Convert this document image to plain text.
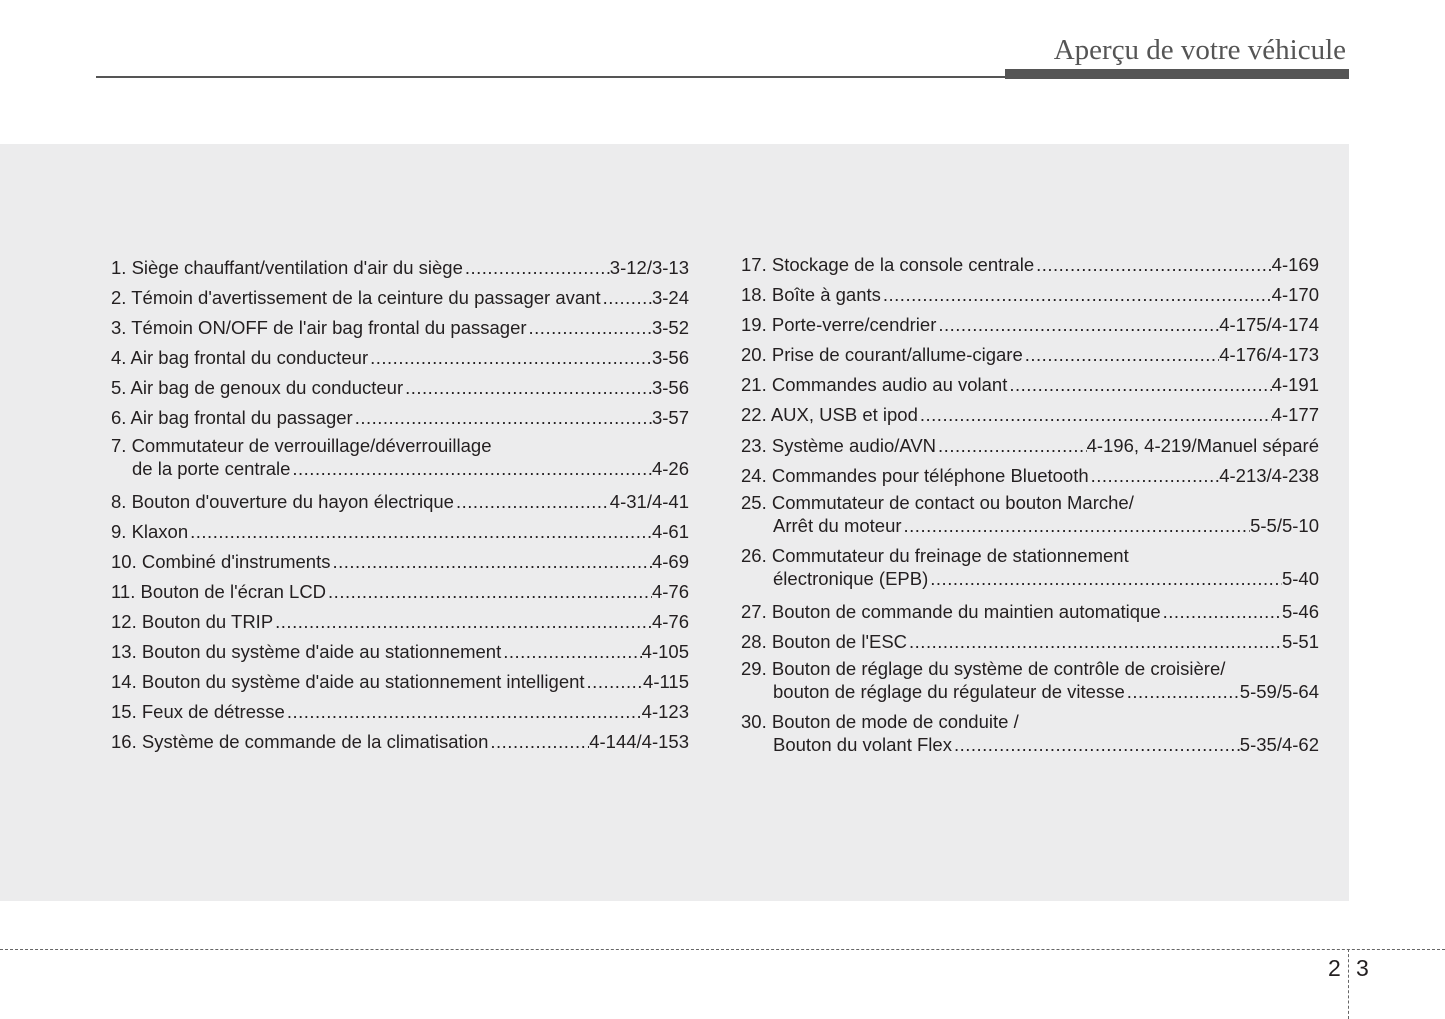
Aperçu de votre véhicule
1. Siège chauffant/ventilation d'air du siège .....	3-12/3-13
2. Témoin d'avertissement de la ceinture du passager avant .....	3-24
3. Témoin ON/OFF de l'air bag frontal du passager .....	3-52
4. Air bag frontal du conducteur .....	3-56
5. Air bag de genoux du conducteur .....	3-56
6. Air bag frontal du passager .....	3-57
7. Commutateur de verrouillage/déverrouillage
de la porte centrale .....	4-26
8. Bouton d'ouverture du hayon électrique .....	4-31/4-41
9. Klaxon .....	4-61
10. Combiné d'instruments .....	4-69
11. Bouton de l'écran LCD .....	4-76
12. Bouton du TRIP .....	4-76
13. Bouton du système d'aide au stationnement .....	4-105
14. Bouton du système d'aide au stationnement intelligent .....	4-115
15. Feux de détresse .....	4-123
16. Système de commande de la climatisation .....	4-144/4-153
17. Stockage de la console centrale .....	4-169
18. Boîte à gants .....	4-170
19. Porte-verre/cendrier .....	4-175/4-174
20. Prise de courant/allume-cigare .....	4-176/4-173
21. Commandes audio au volant .....	4-191
22. AUX, USB et ipod .....	4-177
23. Système audio/AVN .....	4-196, 4-219/Manuel séparé
24. Commandes pour téléphone Bluetooth .....	4-213/4-238
25. Commutateur de contact ou bouton Marche/
Arrêt du moteur .....	5-5/5-10
26. Commutateur du freinage de stationnement
électronique (EPB) .....	5-40
27. Bouton de commande du maintien automatique .....	5-46
28. Bouton de l'ESC .....	5-51
29. Bouton de réglage du système de contrôle de croisière/
bouton de réglage du régulateur de vitesse .....	5-59/5-64
30. Bouton de mode de conduite /
Bouton du volant Flex .....	5-35/4-62
2 3
